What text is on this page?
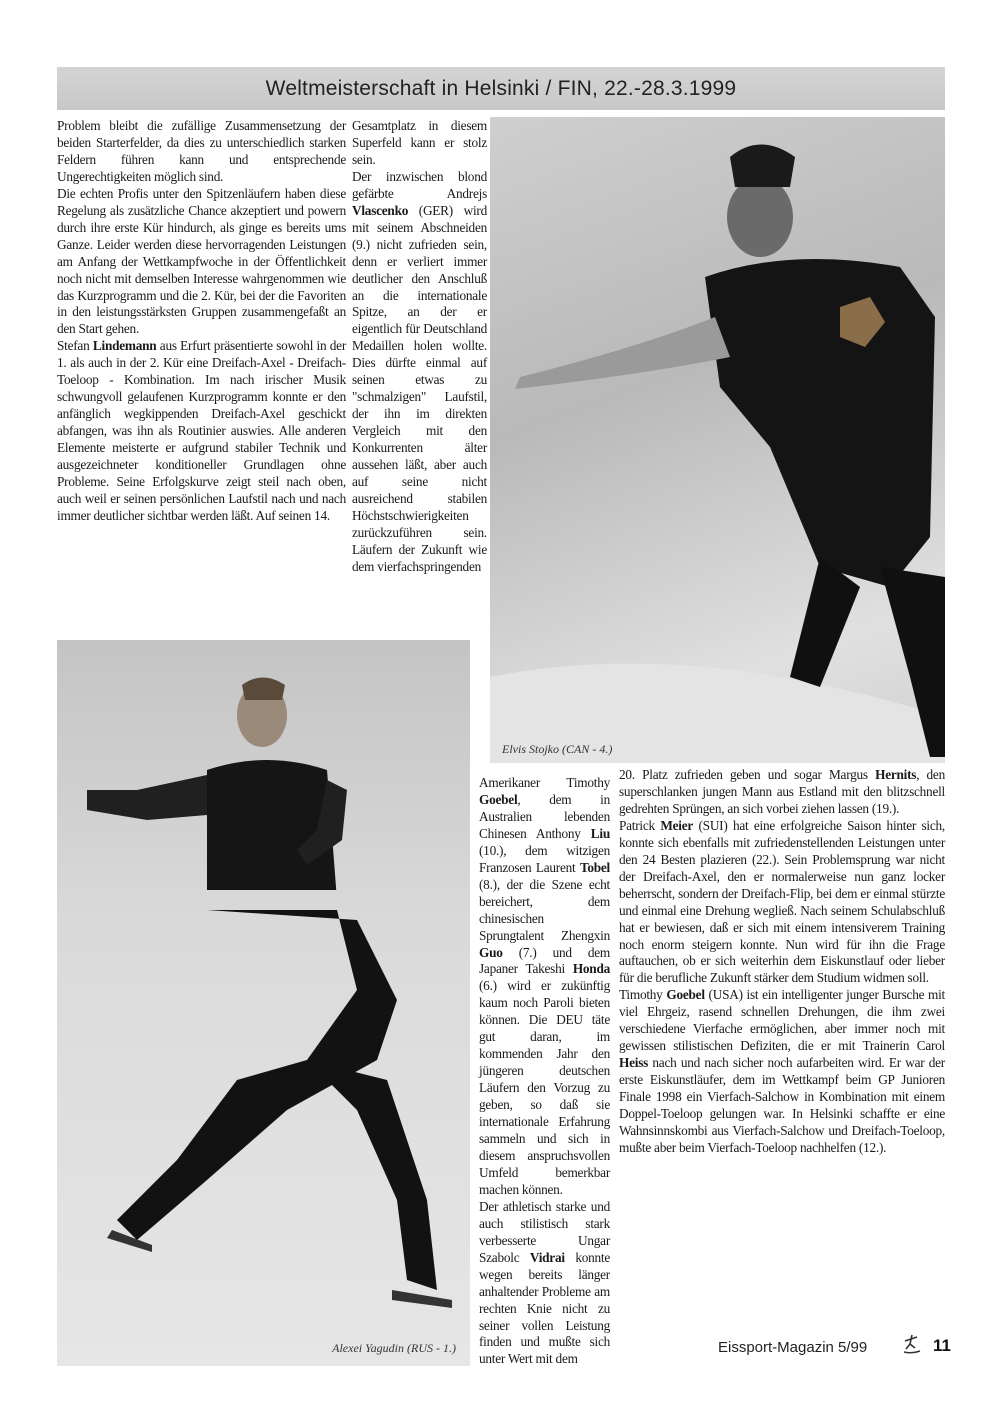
Weltmeisterschaft in Helsinki / FIN, 22.-28.3.1999

Problem bleibt die zufällige Zusammensetzung der beiden Starterfelder, da dies zu unterschiedlich starken Feldern führen kann und entsprechende Ungerechtigkeiten möglich sind.

Die echten Profis unter den Spitzenläufern haben diese Regelung als zusätzliche Chance akzeptiert und powern durch ihre erste Kür hindurch, als ginge es bereits ums Ganze. Leider werden diese hervorragenden Leistungen am Anfang der Wettkampfwoche in der Öffentlichkeit noch nicht mit demselben Interesse wahrgenommen wie das Kurzprogramm und die 2. Kür, bei der die Favoriten in den leistungsstärksten Gruppen zusammengefaßt an den Start gehen.

Stefan Lindemann aus Erfurt präsentierte sowohl in der 1. als auch in der 2. Kür eine Dreifach-Axel - Dreifach-Toeloop - Kombination. Im nach irischer Musik schwungvoll gelaufenen Kurzprogramm konnte er den anfänglich wegkippenden Dreifach-Axel geschickt abfangen, was ihn als Routinier auswies. Alle anderen Elemente meisterte er aufgrund stabiler Technik und ausgezeichneter konditioneller Grundlagen ohne Probleme. Seine Erfolgskurve zeigt steil nach oben, auch weil er seinen persönlichen Laufstil nach und nach immer deutlicher sichtbar werden läßt. Auf seinen 14.

Gesamtplatz in diesem Superfeld kann er stolz sein.

Der inzwischen blond gefärbte Andrejs Vlascenko (GER) wird mit seinem Abschneiden (9.) nicht zufrieden sein, denn er verliert immer deutlicher den Anschluß an die internationale Spitze, an der er eigentlich für Deutschland Medaillen holen wollte. Dies dürfte einmal auf seinen etwas zu "schmalzigen" Laufstil, der ihn im direkten Vergleich mit den Konkurrenten älter aussehen läßt, aber auch auf seine nicht ausreichend stabilen Höchstschwierigkeiten zurückzuführen sein. Läufern der Zukunft wie dem vierfachspringenden

Elvis Stojko (CAN - 4.)
Alexei Yagudin (RUS - 1.)

Amerikaner Timothy Goebel, dem in Australien lebenden Chinesen Anthony Liu (10.), dem witzigen Franzosen Laurent Tobel (8.), der die Szene echt bereichert, dem chinesischen Sprungtalent Zhengxin Guo (7.) und dem Japaner Takeshi Honda (6.) wird er zukünftig kaum noch Paroli bieten können. Die DEU täte gut daran, im kommenden Jahr den jüngeren deutschen Läufern den Vorzug zu geben, so daß sie internationale Erfahrung sammeln und sich in diesem anspruchsvollen Umfeld bemerkbar machen können.

Der athletisch starke und auch stilistisch stark verbesserte Ungar Szabolc Vidrai konnte wegen bereits länger anhaltender Probleme am rechten Knie nicht zu seiner vollen Leistung finden und mußte sich unter Wert mit dem

20. Platz zufrieden geben und sogar Margus Hernits, den superschlanken jungen Mann aus Estland mit den blitzschnell gedrehten Sprüngen, an sich vorbei ziehen lassen (19.).

Patrick Meier (SUI) hat eine erfolgreiche Saison hinter sich, konnte sich ebenfalls mit zufriedenstellenden Leistungen unter den 24 Besten plazieren (22.). Sein Problemsprung war nicht der Dreifach-Axel, den er normalerweise nun ganz locker beherrscht, sondern der Dreifach-Flip, bei dem er einmal stürzte und einmal eine Drehung wegließ. Nach seinem Schulabschluß hat er bewiesen, daß er sich mit einem intensiverem Training noch enorm steigern konnte. Nun wird für ihn die Frage auftauchen, ob er sich weiterhin dem Eiskunstlauf oder lieber für die berufliche Zukunft stärker dem Studium widmen soll.

Timothy Goebel (USA) ist ein intelligenter junger Bursche mit viel Ehrgeiz, rasend schnellen Drehungen, die ihm zwei verschiedene Vierfache ermöglichen, aber immer noch mit gewissen stilistischen Defiziten, die er mit Trainerin Carol Heiss nach und nach sicher noch aufarbeiten wird. Er war der erste Eiskunstläufer, dem im Wettkampf beim GP Junioren Finale 1998 ein Vierfach-Salchow in Kombination mit einem Doppel-Toeloop gelungen war. In Helsinki schaffte er eine Wahnsinnskombi aus Vierfach-Salchow und Dreifach-Toeloop, mußte aber beim Vierfach-Toeloop nachhelfen (12.).

Eissport-Magazin 5/99	11
